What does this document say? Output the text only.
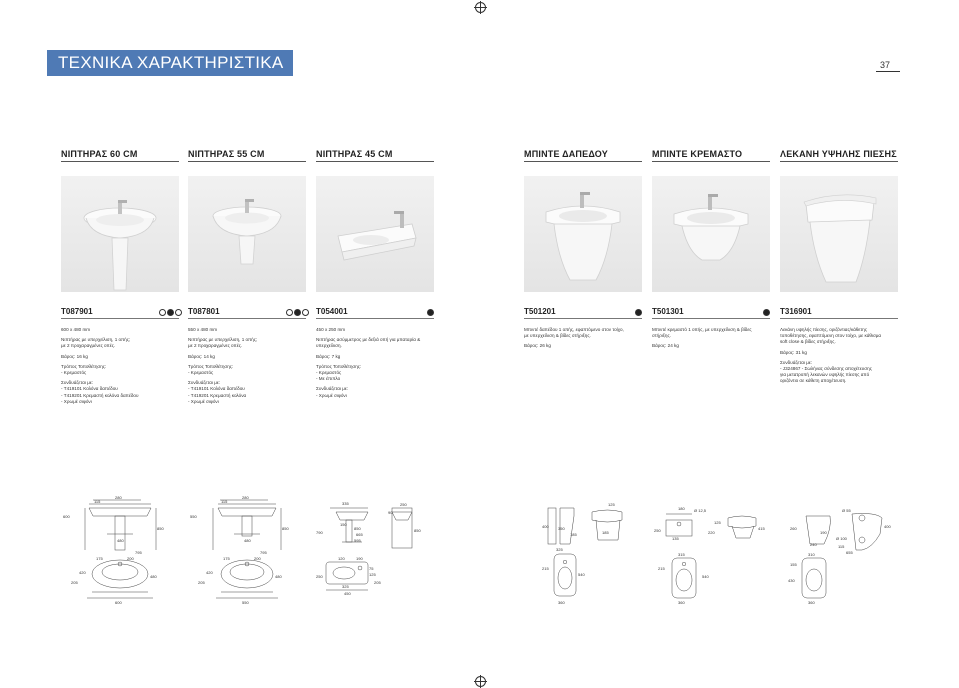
ΤΕΧΝΙΚΑ ΧΑΡΑΚΤΗΡΙΣΤΙΚΑ	37
ΝΙΠΤΗΡΑΣ 60 CM
T087901

600 x 480 mm

Νιπτήρας με υπερχείλιση, 1 οπής;
με 2 προχαραγμένες οπές.

Βάρος: 16 kg

Τρόπος Τοποθέτησης:
- Κρεμαστός

Συνδυάζεται με:
- T419101 Κολόνα δαπέδου
- T419201 Κρεμαστή κολόνα δαπέδου
- Χρωμέ σιφόνι

280
115
600
850
480
795
420
480
175	200
205
600
ΝΙΠΤΗΡΑΣ 55 CM
T087801

550 x 480 mm

Νιπτήρας με υπερχείλιση, 1 οπής;
με 2 προχαραγμένες οπές.

Βάρος: 14 kg

Τρόπος Τοποθέτησης:
- Κρεμαστός

Συνδυάζεται με:
- T419101 Κολόνα δαπέδου
- T419201 Κρεμαστή κολόνα
- Χρωμέ σιφόνι

280
115
550
850
480
795
420
480
175	200
205
550
ΝΙΠΤΗΡΑΣ 45 CM
T054001

450 x 250 mm

Νιπτήρας ασύμμετρος με δεξιά οπή για μπαταρία &
υπερχείλιση.

Βάρος: 7 kg

Τρόπος Τοποθέτησης:
- Κρεμαστός
- Με έπιπλο

Συνδυάζεται με:
- Χρωμέ σιφόνι

335
150
90
250
850
850
665
595
790
120	190
75
125
250
205
325
450
ΜΠΙΝΤΕ ΔΑΠΕΔΟΥ
T501201

Μπιντέ δαπέδου 1 οπής, εφαπτόμενο στον τοίχο,
με υπερχείλιση & βίδες στήριξης.

Βάρος: 26 kg

400 350
185
125
185
325
215
540
360
ΜΠΙΝΤΕ ΚΡΕΜΑΣΤΟ
T501301

Μπιντέ κρεμαστό 1 οπής, με υπερχείλιση & βίδες
στήριξης.

Βάρος: 24 kg

180 Ø 12,5
250
135
125
415
220
315
215
540
360
ΛΕΚΑΝΗ ΥΨΗΛΗΣ ΠΙΕΣΗΣ
T316901

Λεκάνη υψηλής πίεσης, οριζόντιας/κάθετης
τοποθέτησης, εφαπτόμενη στον τοίχο, με κάθισμα
soft close & βίδες στήριξης.

Βάρος: 31 kg

Συνδυάζεται με:
- J324867 - Σωλήνας σύνδεσης αποχέτευσης
για μετατροπή λεκανών υψηλής πίεσης από
οριζόντιο σε κάθετη αποχέτευση.

Ø 55
260	400
Ø 100
190
115
240
655
310
155
430
360
